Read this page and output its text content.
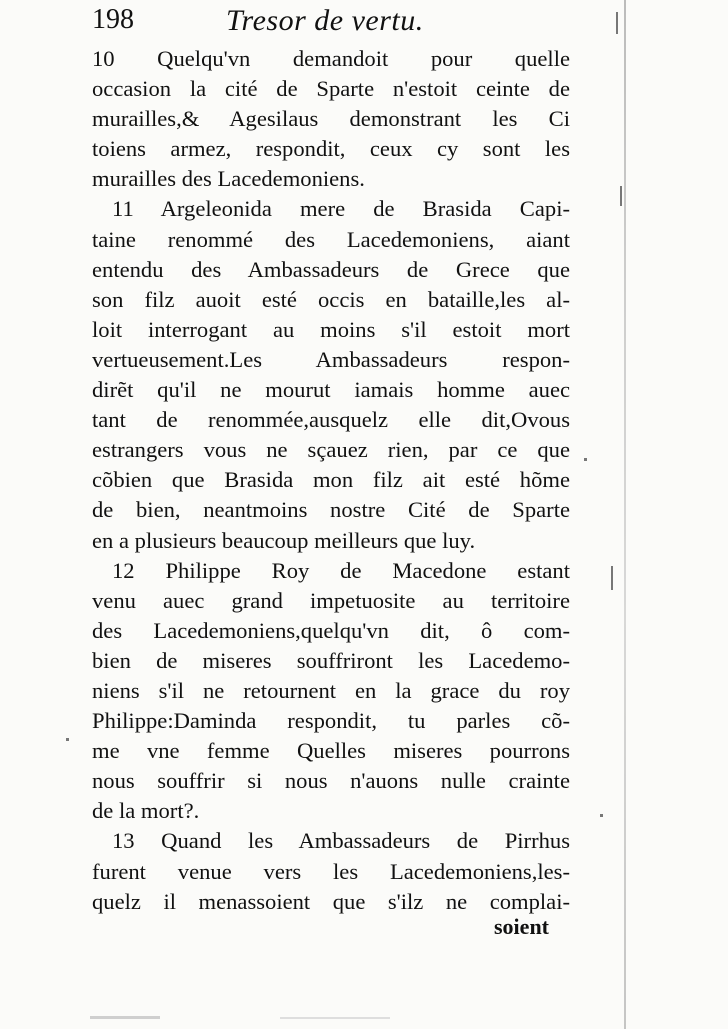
198	Tresor de vertu.
10 Quelqu'vn demandoit pour quelle
occasion la cité de Sparte n'estoit ceinte de
murailles,& Agesilaus demonstrant les Ci
toiens armez, respondit, ceux cy sont les
murailles des Lacedemoniens.
11 Argeleonida mere de Brasida Capi-
taine renommé des Lacedemoniens, aiant
entendu des Ambassadeurs de Grece que
son filz auoit esté occis en bataille,les al-
loit interrogant au moins s'il estoit mort
vertueusement.Les Ambassadeurs respon-
dirẽt qu'il ne mourut iamais homme auec
tant de renommée,ausquelz elle dit,Ovous
estrangers vous ne sçauez rien, par ce que
cõbien que Brasida mon filz ait esté hõme
de bien, neantmoins nostre Cité de Sparte
en a plusieurs beaucoup meilleurs que luy.
12 Philippe Roy de Macedone estant
venu auec grand impetuosite au territoire
des Lacedemoniens,quelqu'vn dit, ô com-
bien de miseres souffriront les Lacedemo-
niens s'il ne retournent en la grace du roy
Philippe:Daminda respondit, tu parles cõ-
me vne femme Quelles miseres pourrons
nous souffrir si nous n'auons nulle crainte
de la mort?.
13 Quand les Ambassadeurs de Pirrhus
furent venue vers les Lacedemoniens,les-
quelz il menassoient que s'ilz ne complai-
soient
